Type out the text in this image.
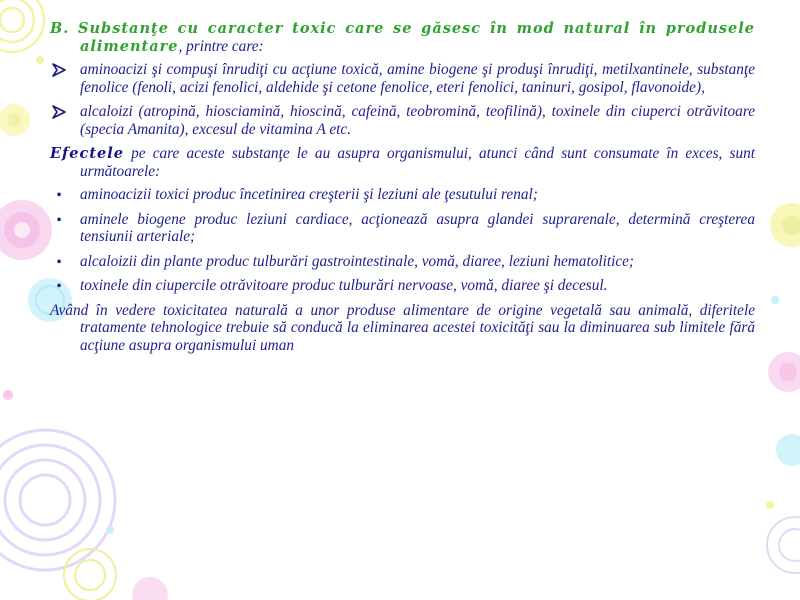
B. Substanţe cu caracter toxic care se găsesc în mod natural în produsele alimentare, printre care:

aminoacizi şi compuşi înrudiţi cu acţiune toxică, amine biogene şi produşi înrudiţi, metilxantinele, substanţe fenolice (fenoli, acizi fenolici, aldehide şi cetone fenolice, eteri fenolici, taninuri, gosipol, flavonoide),
alcaloizi (atropină, hiosciamină, hioscină, cafeină, teobromină, teofilină), toxinele din ciuperci otrăvitoare (specia Amanita), excesul de vitamina A etc.

Efectele pe care aceste substanţe le au asupra organismului, atunci când sunt consumate în exces, sunt următoarele:

•	aminoacizii toxici produc încetinirea creşterii şi leziuni ale ţesutului renal;
•	aminele biogene produc leziuni cardiace, acţionează asupra glandei suprarenale, determină creşterea tensiunii arteriale;
•	alcaloizii din plante produc tulburări gastrointestinale, vomă, diaree, leziuni hematolitice;
•	toxinele din ciupercile otrăvitoare produc tulburări nervoase, vomă, diaree şi decesul.

Având în vedere toxicitatea naturală a unor produse alimentare de origine vegetală sau animală, diferitele tratamente tehnologice trebuie să conducă la eliminarea acestei toxicităţi sau la diminuarea sub limitele fără acţiune asupra organismului uman
